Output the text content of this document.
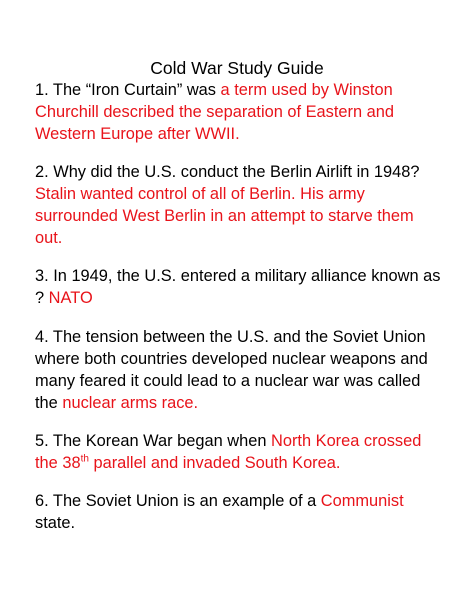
Cold War Study Guide
1. The “Iron Curtain” was a term used by Winston Churchill described the separation of Eastern and Western Europe after WWII.
2. Why did the U.S. conduct the Berlin Airlift in 1948? Stalin wanted control of all of Berlin. His army surrounded West Berlin in an attempt to starve them out.
3. In 1949, the U.S. entered a military alliance known as ? NATO
4. The tension between the U.S. and the Soviet Union where both countries developed nuclear weapons and many feared it could lead to a nuclear war was called the nuclear arms race.
5. The Korean War began when North Korea crossed the 38th parallel and invaded South Korea.
6. The Soviet Union is an example of a Communist state.
